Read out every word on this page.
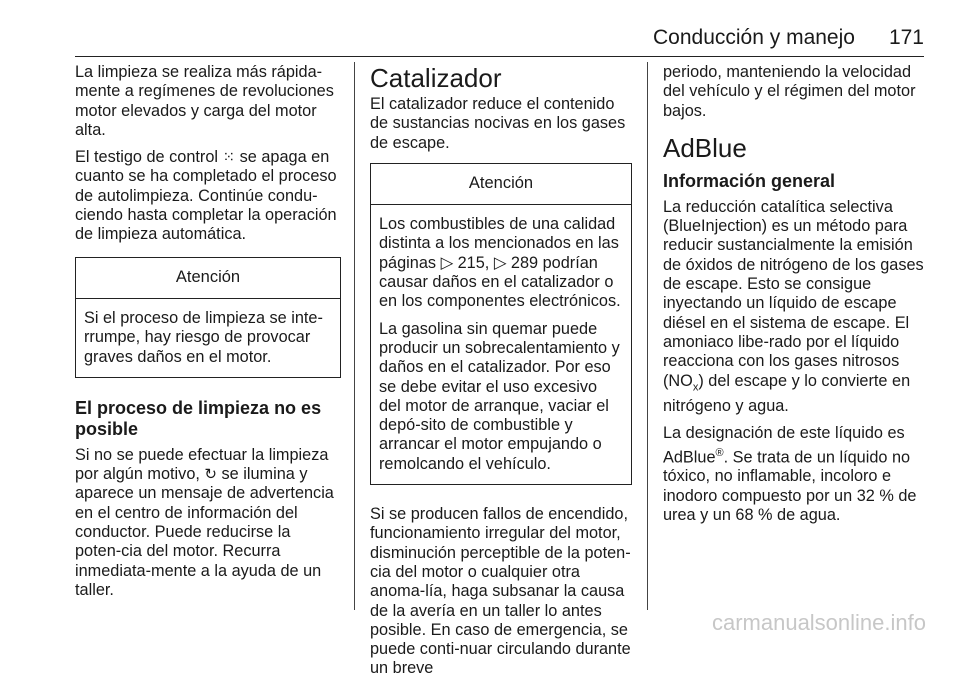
Conducción y manejo 171

La limpieza se realiza más rápida-mente a regímenes de revoluciones motor elevados y carga del motor alta.

El testigo de control ⁙ se apaga en cuanto se ha completado el proceso de autolimpieza. Continúe condu-ciendo hasta completar la operación de limpieza automática.

Atención

Si el proceso de limpieza se inte-rrumpe, hay riesgo de provocar graves daños en el motor.

El proceso de limpieza no es posible

Si no se puede efectuar la limpieza por algún motivo, ↻ se ilumina y aparece un mensaje de advertencia en el centro de información del conductor. Puede reducirse la poten-cia del motor. Recurra inmediata-mente a la ayuda de un taller.

Catalizador

El catalizador reduce el contenido de sustancias nocivas en los gases de escape.

Atención

Los combustibles de una calidad distinta a los mencionados en las páginas ▷ 215, ▷ 289 podrían causar daños en el catalizador o en los componentes electrónicos.

La gasolina sin quemar puede producir un sobrecalentamiento y daños en el catalizador. Por eso se debe evitar el uso excesivo del motor de arranque, vaciar el depó-sito de combustible y arrancar el motor empujando o remolcando el vehículo.

Si se producen fallos de encendido, funcionamiento irregular del motor, disminución perceptible de la poten-cia del motor o cualquier otra anoma-lía, haga subsanar la causa de la avería en un taller lo antes posible. En caso de emergencia, se puede conti-nuar circulando durante un breve

periodo, manteniendo la velocidad del vehículo y el régimen del motor bajos.

AdBlue
Información general

La reducción catalítica selectiva (BlueInjection) es un método para reducir sustancialmente la emisión de óxidos de nitrógeno de los gases de escape. Esto se consigue inyectando un líquido de escape diésel en el sistema de escape. El amoniaco libe-rado por el líquido reacciona con los gases nitrosos $(NO_x)$ del escape y lo convierte en nitrógeno y agua.

La designación de este líquido es AdBlue®. Se trata de un líquido no tóxico, no inflamable, incoloro e inodoro compuesto por un 32 % de urea y un 68 % de agua.

carmanualsonline.info
